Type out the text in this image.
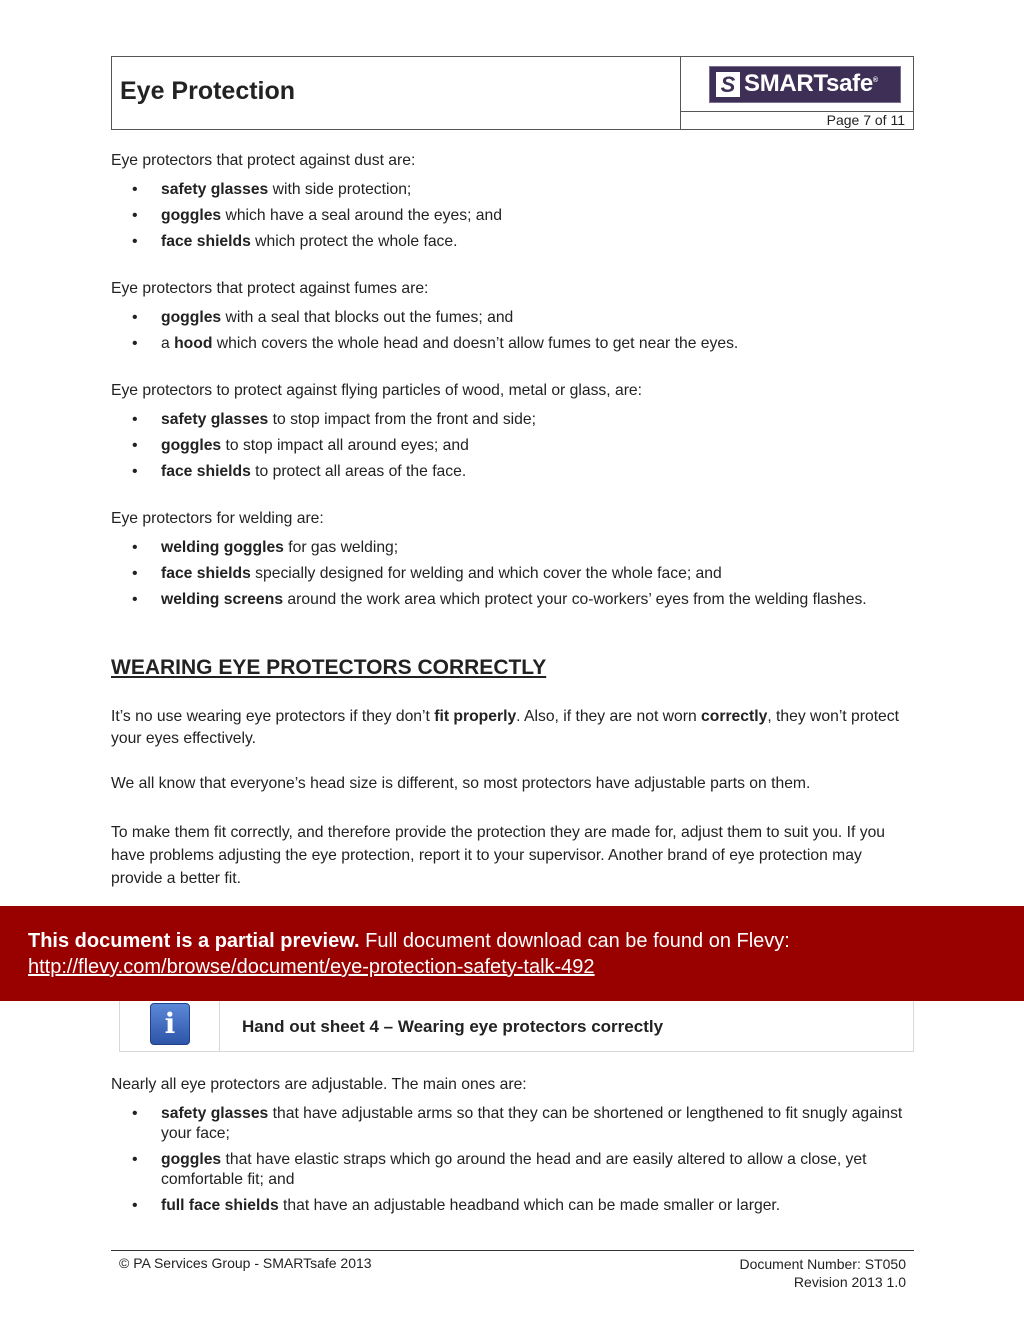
Eye Protection	S SMARTsafe®
Page 7 of 11

Eye protectors that protect against dust are:

• safety glasses with side protection;
• goggles which have a seal around the eyes; and
• face shields which protect the whole face.

Eye protectors that protect against fumes are:

• goggles with a seal that blocks out the fumes; and
• a hood which covers the whole head and doesn’t allow fumes to get near the eyes.

Eye protectors to protect against flying particles of wood, metal or glass, are:

• safety glasses to stop impact from the front and side;
• goggles to stop impact all around eyes; and
• face shields to protect all areas of the face.

Eye protectors for welding are:

• welding goggles for gas welding;
• face shields specially designed for welding and which cover the whole face; and
• welding screens around the work area which protect your co-workers’ eyes from the welding flashes.
WEARING EYE PROTECTORS CORRECTLY

It’s no use wearing eye protectors if they don’t fit properly. Also, if they are not worn correctly, they won’t protect your eyes effectively.

We all know that everyone’s head size is different, so most protectors have adjustable parts on them.

To make them fit correctly, and therefore provide the protection they are made for, adjust them to suit you. If you have problems adjusting the eye protection, report it to your supervisor. Another brand of eye protection may provide a better fit.

This document is a partial preview. Full document download can be found on Flevy:
http://flevy.com/browse/document/eye-protection-safety-talk-492
i	Hand out sheet 4 – Wearing eye protectors correctly

Nearly all eye protectors are adjustable. The main ones are:

• safety glasses that have adjustable arms so that they can be shortened or lengthened to fit snugly against your face;
• goggles that have elastic straps which go around the head and are easily altered to allow a close, yet comfortable fit; and
• full face shields that have an adjustable headband which can be made smaller or larger.
© PA Services Group - SMARTsafe 2013	Document Number: ST050
Revision 2013 1.0
